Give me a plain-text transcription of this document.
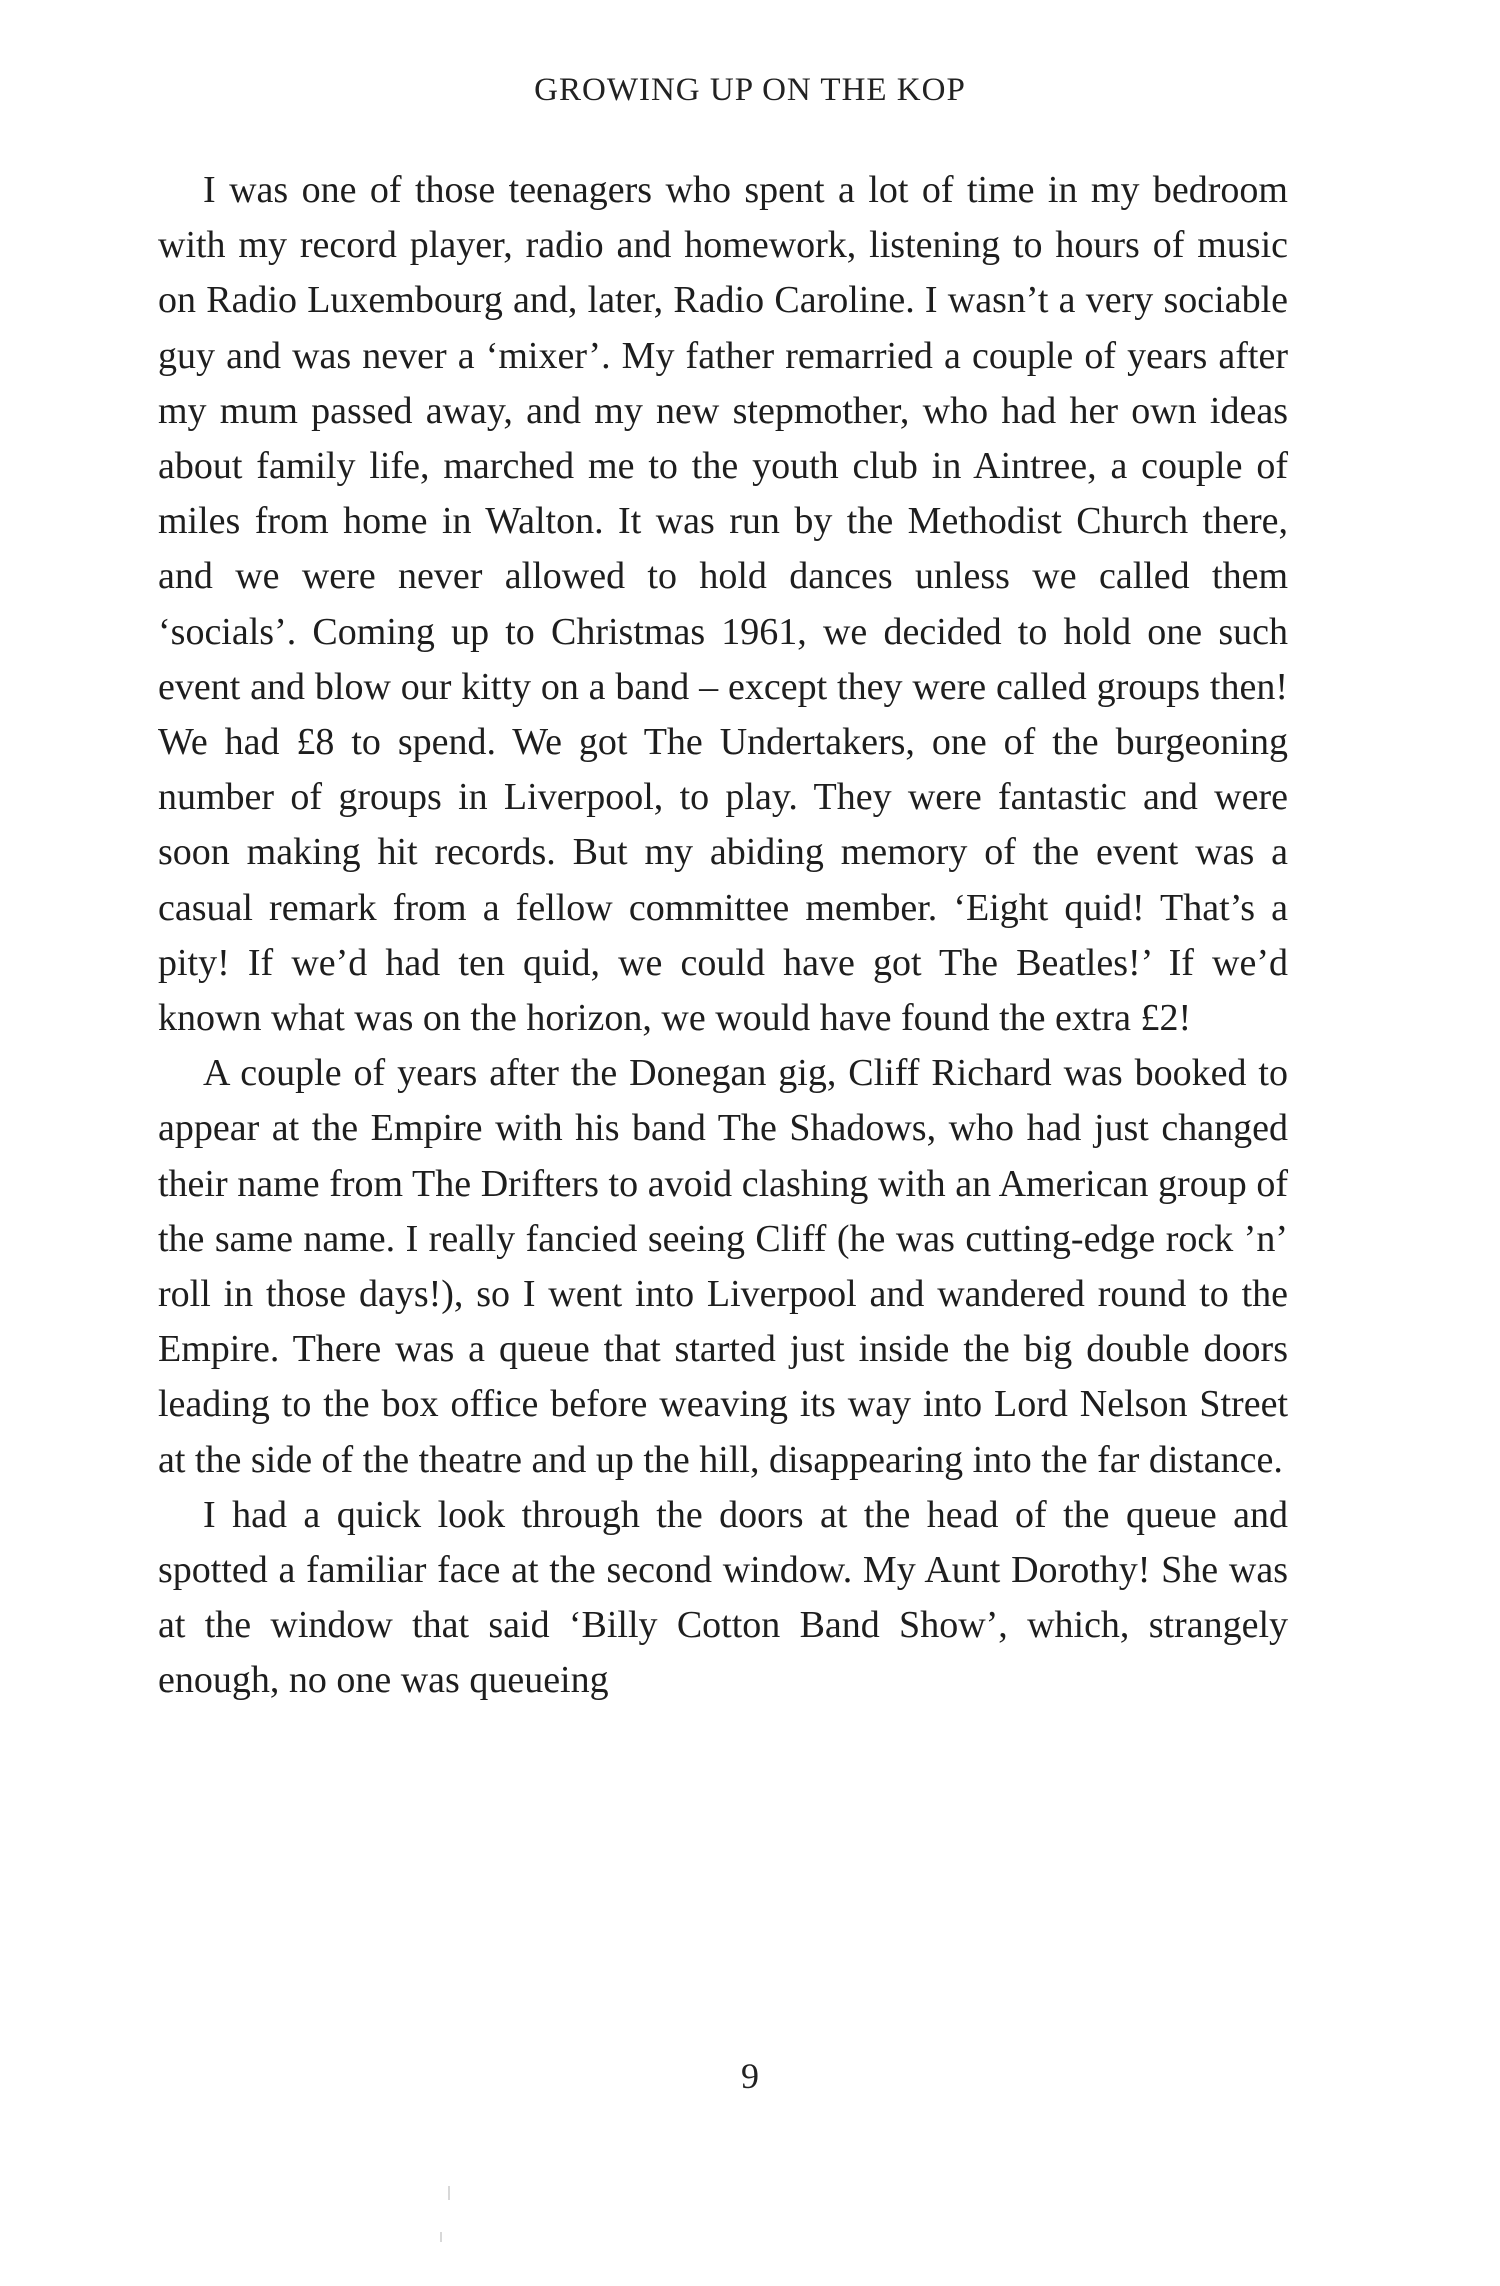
GROWING UP ON THE KOP

I was one of those teenagers who spent a lot of time in my bedroom with my record player, radio and homework, listening to hours of music on Radio Luxembourg and, later, Radio Caroline. I wasn’t a very sociable guy and was never a ‘mixer’. My father remarried a couple of years after my mum passed away, and my new stepmother, who had her own ideas about family life, marched me to the youth club in Aintree, a couple of miles from home in Walton. It was run by the Methodist Church there, and we were never allowed to hold dances unless we called them ‘socials’. Coming up to Christmas 1961, we decided to hold one such event and blow our kitty on a band – except they were called groups then! We had £8 to spend. We got The Undertakers, one of the burgeoning number of groups in Liverpool, to play. They were fantastic and were soon making hit records. But my abiding memory of the event was a casual remark from a fellow committee member. ‘Eight quid! That’s a pity! If we’d had ten quid, we could have got The Beatles!’ If we’d known what was on the horizon, we would have found the extra £2!

A couple of years after the Donegan gig, Cliff Richard was booked to appear at the Empire with his band The Shadows, who had just changed their name from The Drifters to avoid clashing with an American group of the same name. I really fancied seeing Cliff (he was cutting-edge rock ’n’ roll in those days!), so I went into Liverpool and wandered round to the Empire. There was a queue that started just inside the big double doors leading to the box office before weaving its way into Lord Nelson Street at the side of the theatre and up the hill, disappearing into the far distance.

I had a quick look through the doors at the head of the queue and spotted a familiar face at the second window. My Aunt Dorothy! She was at the window that said ‘Billy Cotton Band Show’, which, strangely enough, no one was queueing

9
